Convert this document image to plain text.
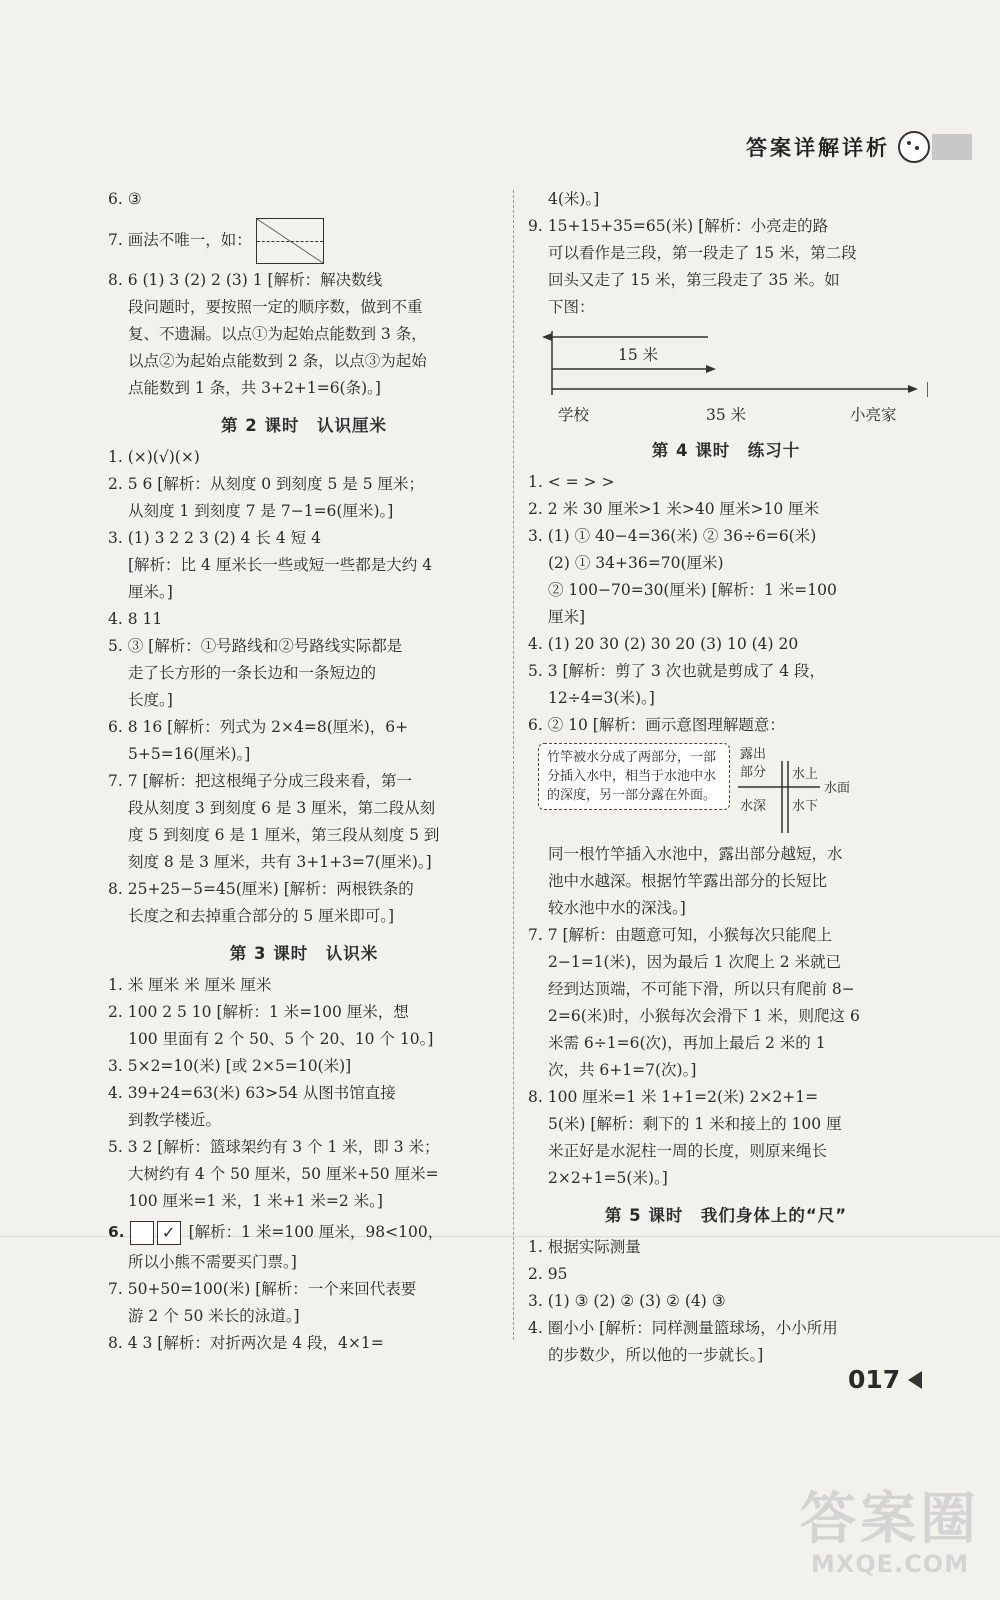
答案详解详析
6. ③
7. 画法不唯一，如：
8. 6 (1) 3 (2) 2 (3) 1 [解析：解决数线
段问题时，要按照一定的顺序数，做到不重
复、不遗漏。以点①为起始点能数到 3 条，
以点②为起始点能数到 2 条，以点③为起始
点能数到 1 条，共 3+2+1=6(条)。]
第 2 课时　认识厘米
1. (×)(√)(×)
2. 5 6 [解析：从刻度 0 到刻度 5 是 5 厘米；
从刻度 1 到刻度 7 是 7−1=6(厘米)。]
3. (1) 3 2 2 3 (2) 4 长 4 短 4
[解析：比 4 厘米长一些或短一些都是大约 4
厘米。]
4. 8 11
5. ③ [解析：①号路线和②号路线实际都是
走了长方形的一条长边和一条短边的
长度。]
6. 8 16 [解析：列式为 2×4=8(厘米)，6+
5+5=16(厘米)。]
7. 7 [解析：把这根绳子分成三段来看，第一
段从刻度 3 到刻度 6 是 3 厘米，第二段从刻
度 5 到刻度 6 是 1 厘米，第三段从刻度 5 到
刻度 8 是 3 厘米，共有 3+1+3=7(厘米)。]
8. 25+25−5=45(厘米) [解析：两根铁条的
长度之和去掉重合部分的 5 厘米即可。]
第 3 课时　认识米
1. 米 厘米 米 厘米 厘米
2. 100 2 5 10 [解析：1 米=100 厘米，想
100 里面有 2 个 50、5 个 20、10 个 10。]
3. 5×2=10(米) [或 2×5=10(米)]
4. 39+24=63(米) 63>54 从图书馆直接
到教学楼近。
5. 3 2 [解析：篮球架约有 3 个 1 米，即 3 米；
大树约有 4 个 50 厘米，50 厘米+50 厘米=
100 厘米=1 米，1 米+1 米=2 米。]
6. ✓ [解析：1 米=100 厘米，98<100，
所以小熊不需要买门票。]
7. 50+50=100(米) [解析：一个来回代表要
游 2 个 50 米长的泳道。]
8. 4 3 [解析：对折两次是 4 段，4×1=
4(米)。]
9. 15+15+35=65(米) [解析：小亮走的路
可以看作是三段，第一段走了 15 米，第二段
回头又走了 15 米，第三段走了 35 米。如
下图：
15 米
学校	35 米	小亮家
第 4 课时　练习十
1. < = > >
2. 2 米 30 厘米>1 米>40 厘米>10 厘米
3. (1) ① 40−4=36(米) ② 36÷6=6(米)
(2) ① 34+36=70(厘米)
② 100−70=30(厘米) [解析：1 米=100
厘米]
4. (1) 20 30 (2) 30 20 (3) 10 (4) 20
5. 3 [解析：剪了 3 次也就是剪成了 4 段，
12÷4=3(米)。]
6. ② 10 [解析：画示意图理解题意：
竹竿被水分成了两部分，一部分插入水中，相当于水池中水的深度，另一部分露在外面。
露出
部分 水上
水面
水深 水下
同一根竹竿插入水池中，露出部分越短，水
池中水越深。根据竹竿露出部分的长短比
较水池中水的深浅。]
7. 7 [解析：由题意可知，小猴每次只能爬上
2−1=1(米)，因为最后 1 次爬上 2 米就已
经到达顶端，不可能下滑，所以只有爬前 8−
2=6(米)时，小猴每次会滑下 1 米，则爬这 6
米需 6÷1=6(次)，再加上最后 2 米的 1
次，共 6+1=7(次)。]
8. 100 厘米=1 米 1+1=2(米) 2×2+1=
5(米) [解析：剩下的 1 米和接上的 100 厘
米正好是水泥柱一周的长度，则原来绳长
2×2+1=5(米)。]
第 5 课时　我们身体上的“尺”
1. 根据实际测量
2. 95
3. (1) ③ (2) ② (3) ② (4) ③
4. 圈小小 [解析：同样测量篮球场，小小所用
的步数少，所以他的一步就长。]
017
答案圈
MXQE.COM
